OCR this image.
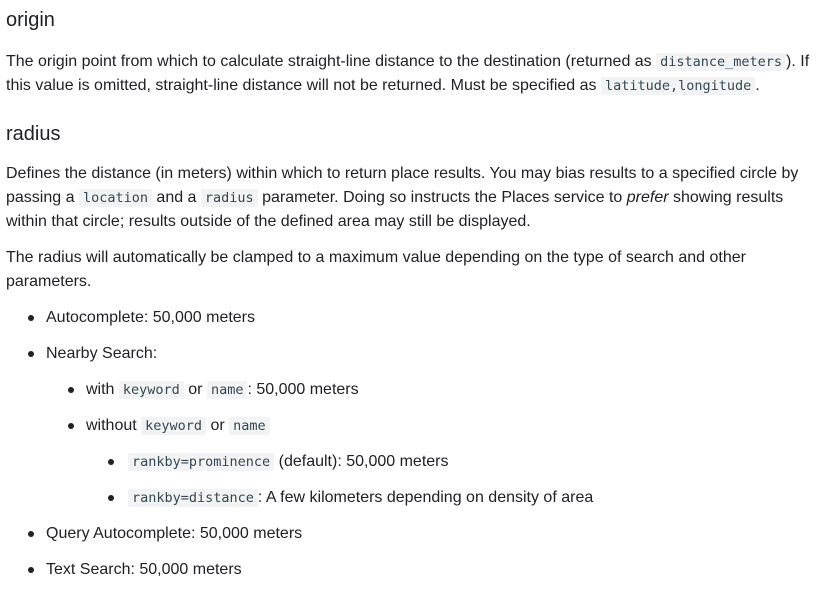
origin

The origin point from which to calculate straight-line distance to the destination (returned as distance_meters ). If this value is omitted, straight-line distance will not be returned. Must be specified as latitude,longitude .

radius

Defines the distance (in meters) within which to return place results. You may bias results to a specified circle by passing a location and a radius parameter. Doing so instructs the Places service to prefer showing results within that circle; results outside of the defined area may still be displayed.

The radius will automatically be clamped to a maximum value depending on the type of search and other parameters.

Autocomplete: 50,000 meters
Nearby Search:
with keyword or name : 50,000 meters
without keyword or name
rankby=prominence (default): 50,000 meters
rankby=distance : A few kilometers depending on density of area
Query Autocomplete: 50,000 meters
Text Search: 50,000 meters
